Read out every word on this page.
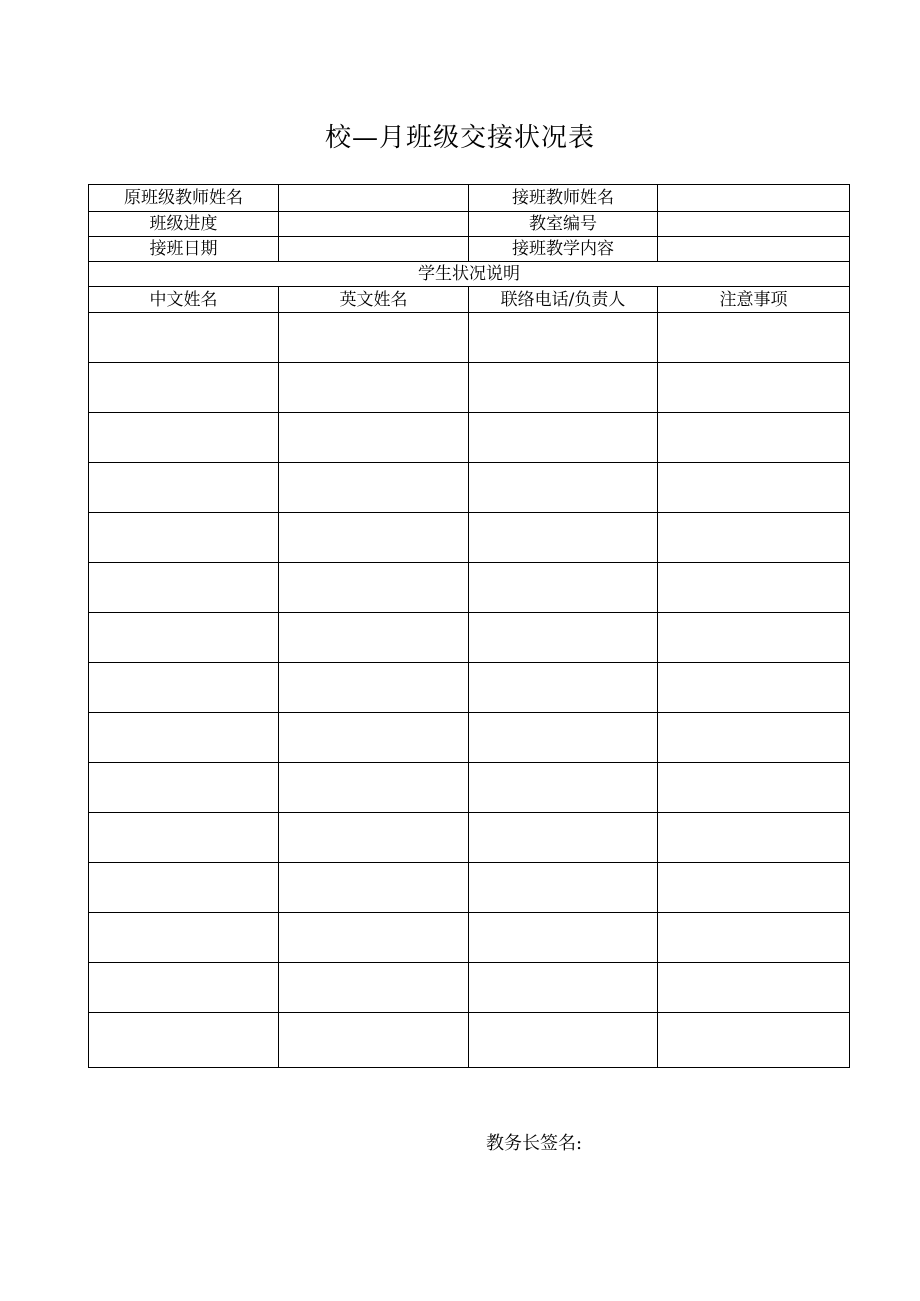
校—月班级交接状况表
原班级教师姓名		接班教师姓名	
班级进度		教室编号	
接班日期		接班教学内容	
学生状况说明			
中文姓名	英文姓名	联络电话/负责人	注意事项

教务长签名:
